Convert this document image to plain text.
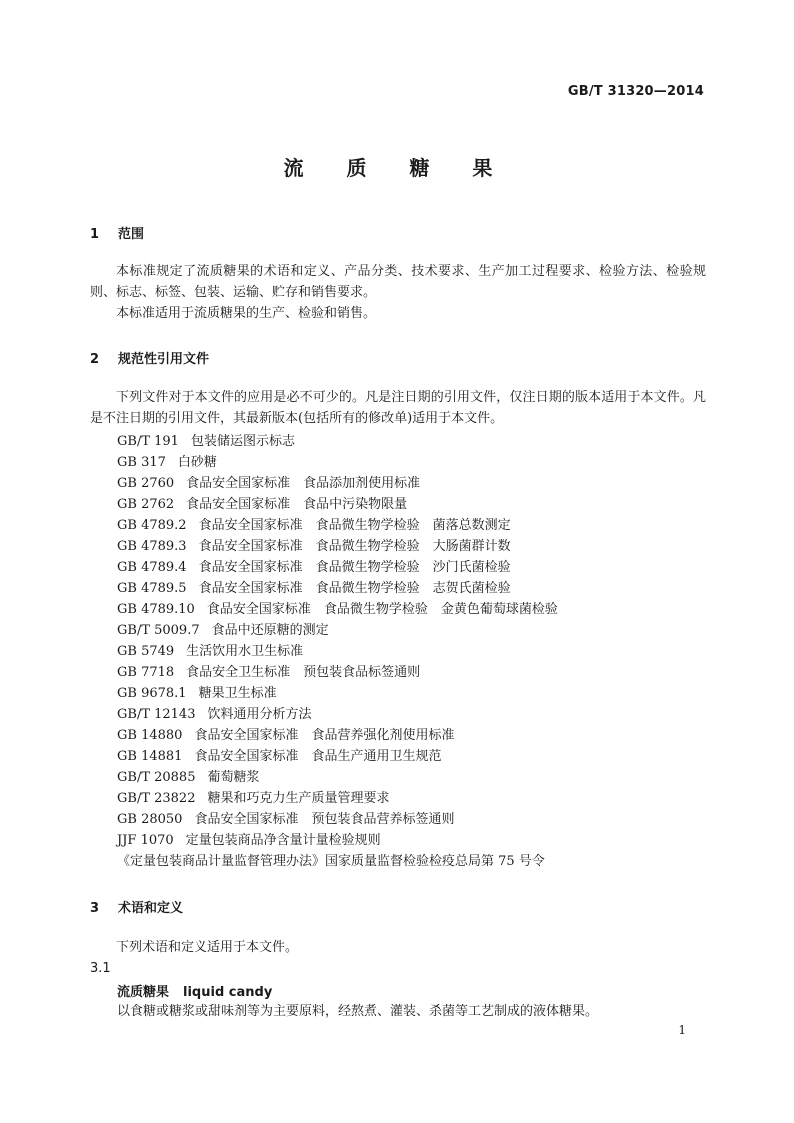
GB/T 31320—2014
流 质 糖 果
1 范围
本标准规定了流质糖果的术语和定义、产品分类、技术要求、生产加工过程要求、检验方法、检验规则、标志、标签、包装、运输、贮存和销售要求。
本标准适用于流质糖果的生产、检验和销售。
2 规范性引用文件
下列文件对于本文件的应用是必不可少的。凡是注日期的引用文件，仅注日期的版本适用于本文件。凡是不注日期的引用文件，其最新版本(包括所有的修改单)适用于本文件。
GB/T 191 包装储运图示标志
GB 317 白砂糖
GB 2760 食品安全国家标准　食品添加剂使用标准
GB 2762 食品安全国家标准　食品中污染物限量
GB 4789.2 食品安全国家标准　食品微生物学检验　菌落总数测定
GB 4789.3 食品安全国家标准　食品微生物学检验　大肠菌群计数
GB 4789.4 食品安全国家标准　食品微生物学检验　沙门氏菌检验
GB 4789.5 食品安全国家标准　食品微生物学检验　志贺氏菌检验
GB 4789.10 食品安全国家标准　食品微生物学检验　金黄色葡萄球菌检验
GB/T 5009.7 食品中还原糖的测定
GB 5749 生活饮用水卫生标准
GB 7718 食品安全卫生标准　预包装食品标签通则
GB 9678.1 糖果卫生标准
GB/T 12143 饮料通用分析方法
GB 14880 食品安全国家标准　食品营养强化剂使用标准
GB 14881 食品安全国家标准　食品生产通用卫生规范
GB/T 20885 葡萄糖浆
GB/T 23822 糖果和巧克力生产质量管理要求
GB 28050 食品安全国家标准　预包装食品营养标签通则
JJF 1070 定量包装商品净含量计量检验规则
《定量包装商品计量监督管理办法》国家质量监督检验检疫总局第 75 号令
3 术语和定义
下列术语和定义适用于本文件。
3.1
流质糖果 liquid candy
以食糖或糖浆或甜味剂等为主要原料，经熬煮、灌装、杀菌等工艺制成的液体糖果。
1
